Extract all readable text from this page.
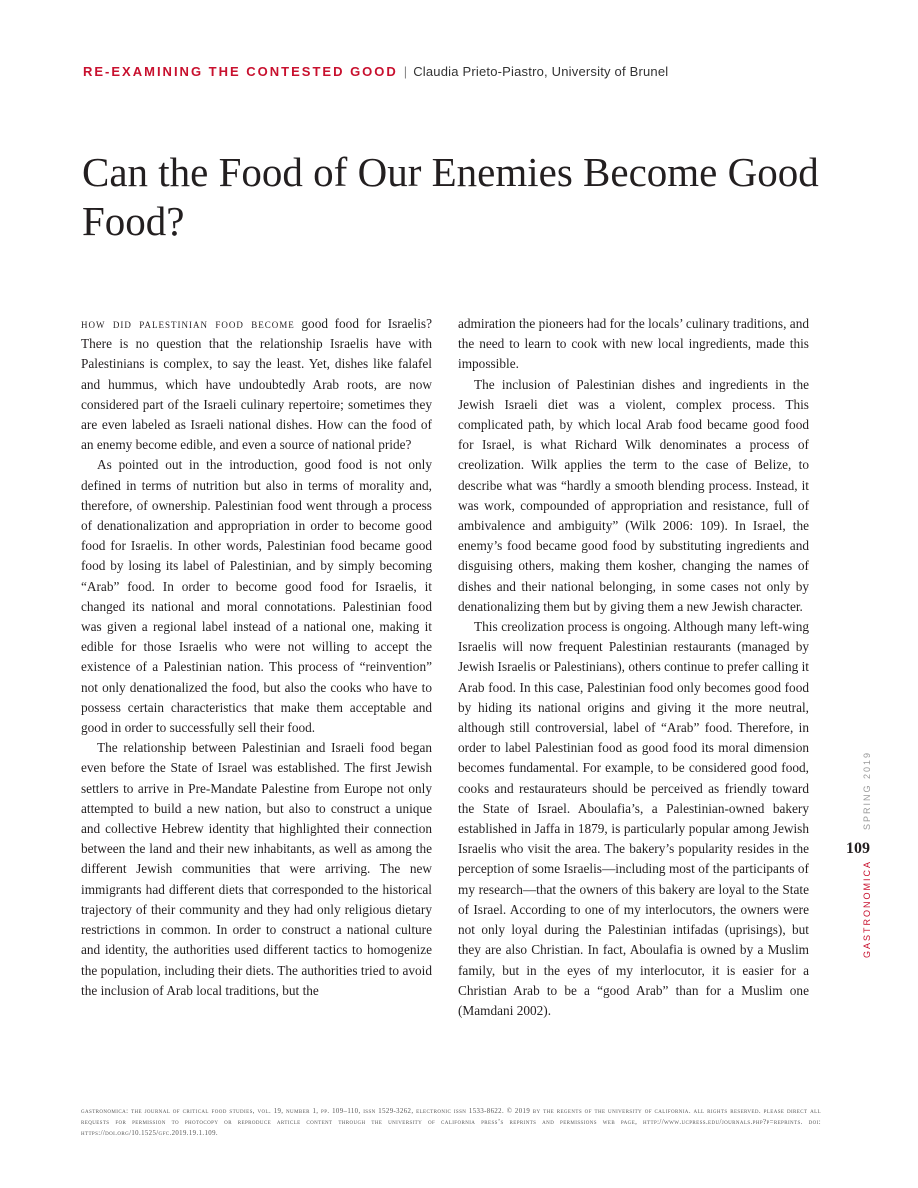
RE-EXAMINING THE CONTESTED GOOD | Claudia Prieto-Piastro, University of Brunel
Can the Food of Our Enemies Become Good Food?

how did palestinian food become good food for Israelis? There is no question that the relationship Israelis have with Palestinians is complex, to say the least. Yet, dishes like falafel and hummus, which have undoubtedly Arab roots, are now considered part of the Israeli culinary repertoire; sometimes they are even labeled as Israeli national dishes. How can the food of an enemy become edible, and even a source of national pride?

As pointed out in the introduction, good food is not only defined in terms of nutrition but also in terms of morality and, therefore, of ownership. Palestinian food went through a process of denationalization and appropriation in order to become good food for Israelis. In other words, Palestinian food became good food by losing its label of Palestinian, and by simply becoming “Arab” food. In order to become good food for Israelis, it changed its national and moral connotations. Palestinian food was given a regional label instead of a national one, making it edible for those Israelis who were not willing to accept the existence of a Palestinian nation. This process of “reinvention” not only denationalized the food, but also the cooks who have to possess certain characteristics that make them acceptable and good in order to successfully sell their food.

The relationship between Palestinian and Israeli food began even before the State of Israel was established. The first Jewish settlers to arrive in Pre-Mandate Palestine from Europe not only attempted to build a new nation, but also to construct a unique and collective Hebrew identity that highlighted their connection between the land and their new inhabitants, as well as among the different Jewish communities that were arriving. The new immigrants had different diets that corresponded to the historical trajectory of their community and they had only religious dietary restrictions in common. In order to construct a national culture and identity, the authorities used different tactics to homogenize the population, including their diets. The authorities tried to avoid the inclusion of Arab local traditions, but the

admiration the pioneers had for the locals’ culinary traditions, and the need to learn to cook with new local ingredients, made this impossible.

The inclusion of Palestinian dishes and ingredients in the Jewish Israeli diet was a violent, complex process. This complicated path, by which local Arab food became good food for Israel, is what Richard Wilk denominates a process of creolization. Wilk applies the term to the case of Belize, to describe what was “hardly a smooth blending process. Instead, it was work, compounded of appropriation and resistance, full of ambivalence and ambiguity” (Wilk 2006: 109). In Israel, the enemy’s food became good food by substituting ingredients and disguising others, making them kosher, changing the names of dishes and their national belonging, in some cases not only by denationalizing them but by giving them a new Jewish character.

This creolization process is ongoing. Although many left-wing Israelis will now frequent Palestinian restaurants (managed by Jewish Israelis or Palestinians), others continue to prefer calling it Arab food. In this case, Palestinian food only becomes good food by hiding its national origins and giving it the more neutral, although still controversial, label of “Arab” food. Therefore, in order to label Palestinian food as good food its moral dimension becomes fundamental. For example, to be considered good food, cooks and restaurateurs should be perceived as friendly toward the State of Israel. Aboulafia’s, a Palestinian-owned bakery established in Jaffa in 1879, is particularly popular among Jewish Israelis who visit the area. The bakery’s popularity resides in the perception of some Israelis—including most of the participants of my research—that the owners of this bakery are loyal to the State of Israel. According to one of my interlocutors, the owners were not only loyal during the Palestinian intifadas (uprisings), but they are also Christian. In fact, Aboulafia is owned by a Muslim family, but in the eyes of my interlocutor, it is easier for a Christian Arab to be a “good Arab” than for a Muslim one (Mamdani 2002).

SPRING 2019
109
GASTRONOMICA
gastronomica: the journal of critical food studies, vol. 19, number 1, pp. 109–110, issn 1529-3262, electronic issn 1533-8622. © 2019 by the regents of the university of california. all rights reserved. please direct all requests for permission to photocopy or reproduce article content through the university of california press’s reprints and permissions web page, http://www.ucpress.edu/journals.php?p=reprints. doi: https://doi.org/10.1525/gfc.2019.19.1.109.
